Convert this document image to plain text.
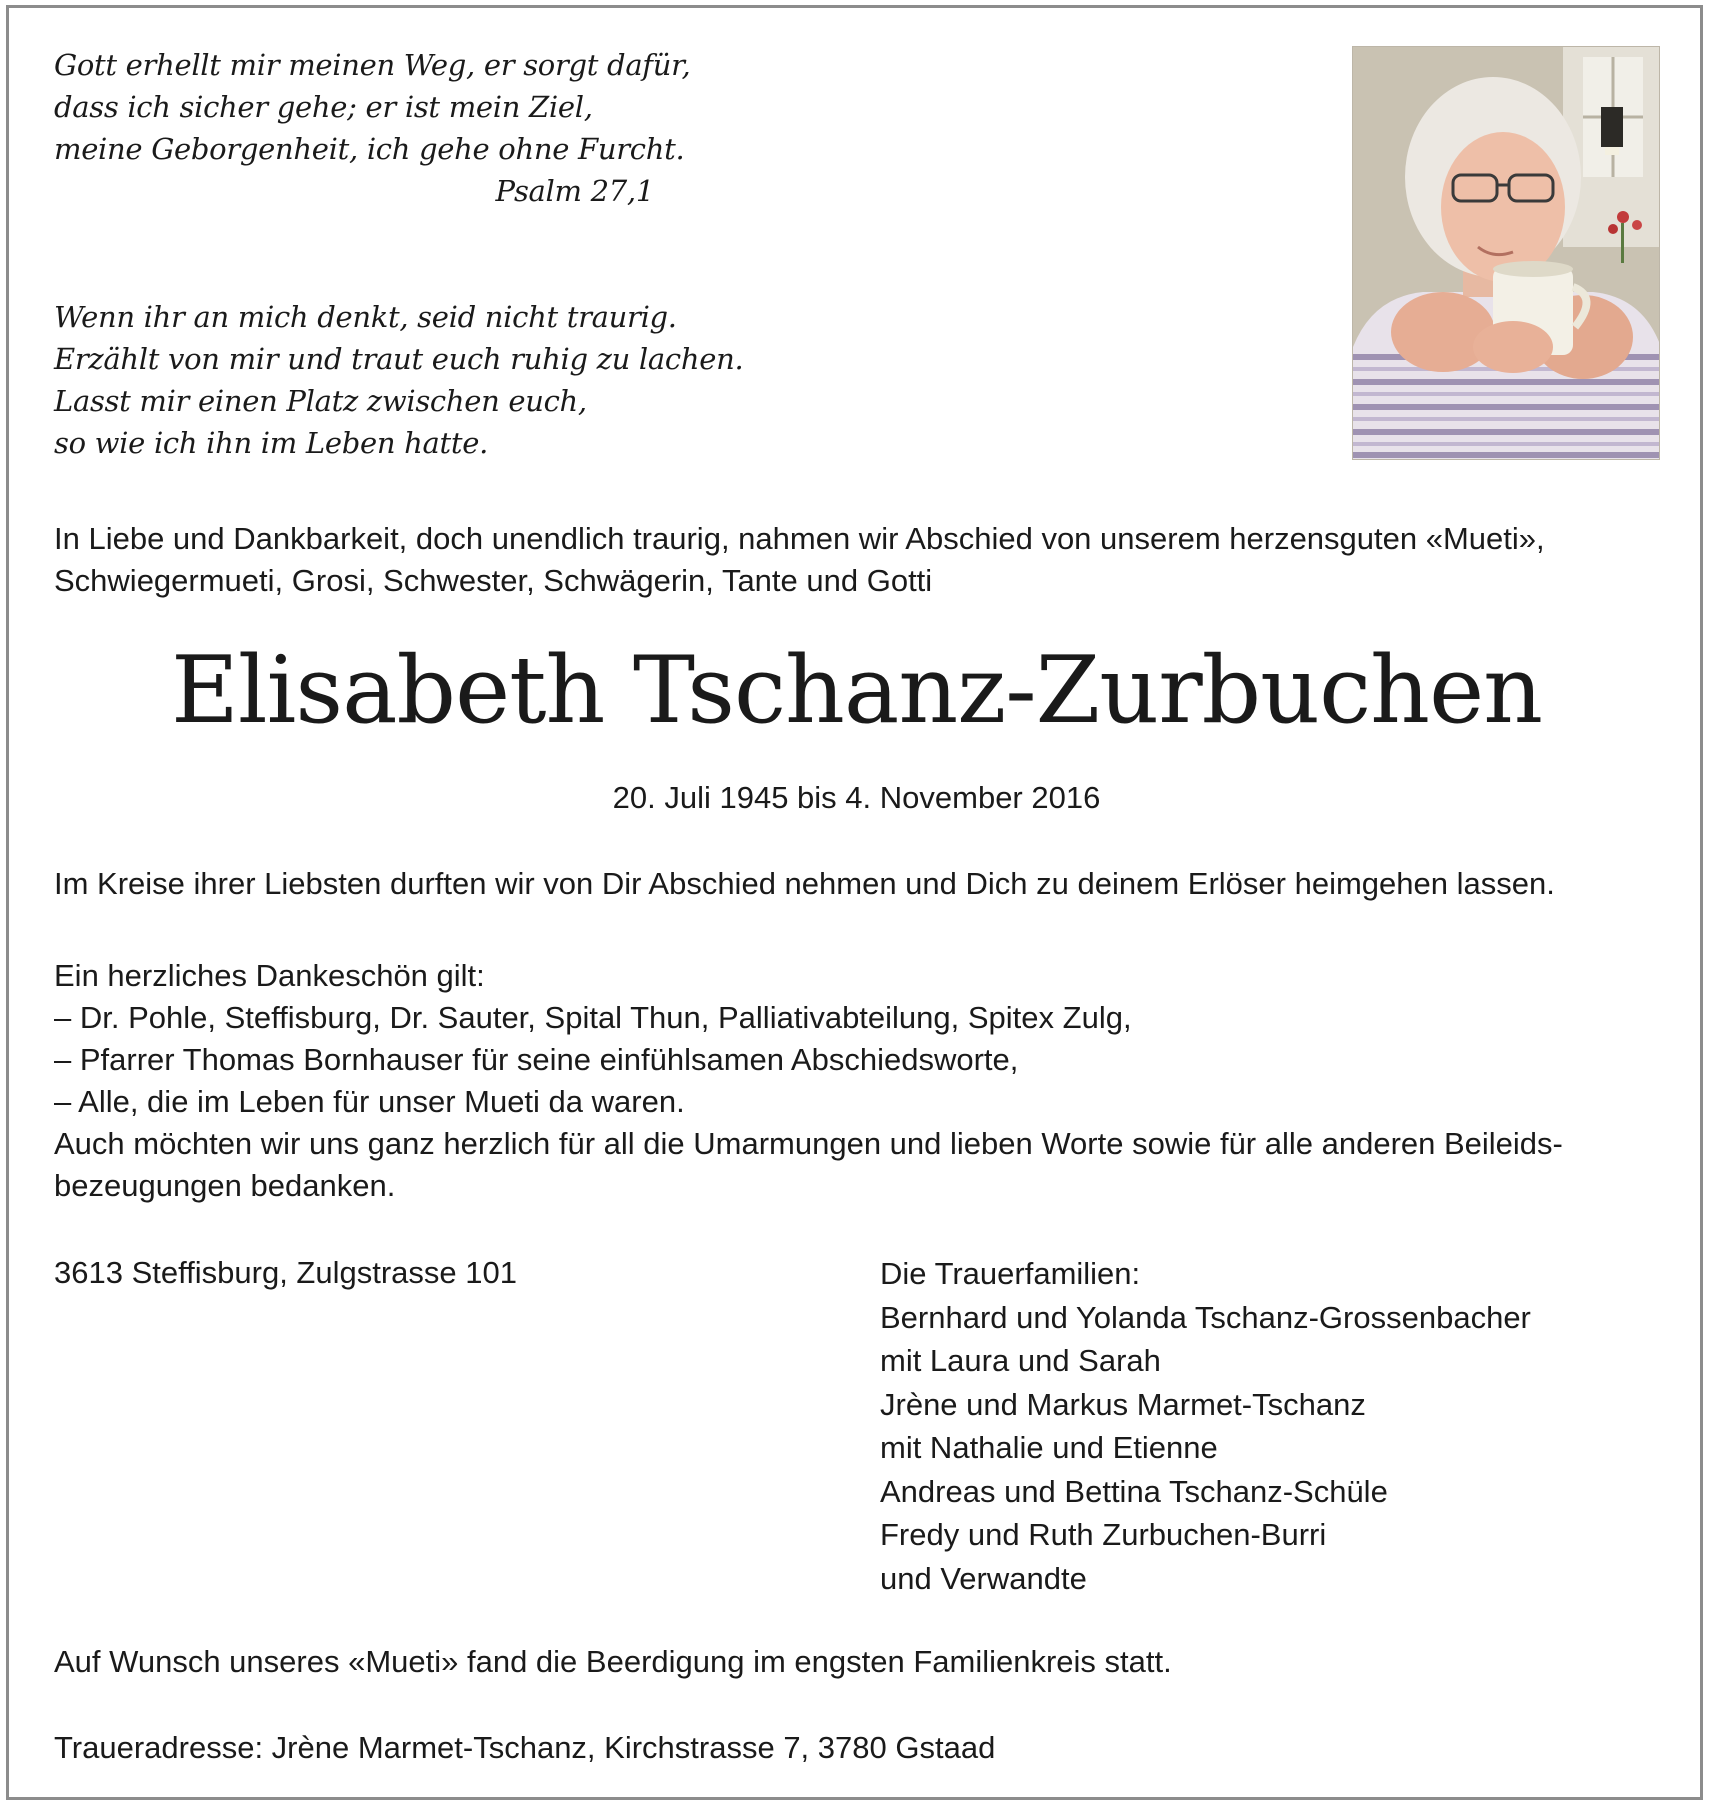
Gott erhellt mir meinen Weg, er sorgt dafür,
dass ich sicher gehe; er ist mein Ziel,
meine Geborgenheit, ich gehe ohne Furcht.
Psalm 27,1
Wenn ihr an mich denkt, seid nicht traurig.
Erzählt von mir und traut euch ruhig zu lachen.
Lasst mir einen Platz zwischen euch,
so wie ich ihn im Leben hatte.
In Liebe und Dankbarkeit, doch unendlich traurig, nahmen wir Abschied von unserem herzensguten «Mueti»,
Schwiegermueti, Grosi, Schwester, Schwägerin, Tante und Gotti
Elisabeth Tschanz-Zurbuchen
20. Juli 1945 bis 4. November 2016
Im Kreise ihrer Liebsten durften wir von Dir Abschied nehmen und Dich zu deinem Erlöser heimgehen lassen.
Ein herzliches Dankeschön gilt:
– Dr. Pohle, Steffisburg, Dr. Sauter, Spital Thun, Palliativabteilung, Spitex Zulg,
– Pfarrer Thomas Bornhauser für seine einfühlsamen Abschiedsworte,
– Alle, die im Leben für unser Mueti da waren.
Auch möchten wir uns ganz herzlich für all die Umarmungen und lieben Worte sowie für alle anderen Beileids-
bezeugungen bedanken.
3613 Steffisburg, Zulgstrasse 101	Die Trauerfamilien:
Bernhard und Yolanda Tschanz-Grossenbacher
mit Laura und Sarah
Jrène und Markus Marmet-Tschanz
mit Nathalie und Etienne
Andreas und Bettina Tschanz-Schüle
Fredy und Ruth Zurbuchen-Burri
und Verwandte
Auf Wunsch unseres «Mueti» fand die Beerdigung im engsten Familienkreis statt.
Traueradresse: Jrène Marmet-Tschanz, Kirchstrasse 7, 3780 Gstaad
